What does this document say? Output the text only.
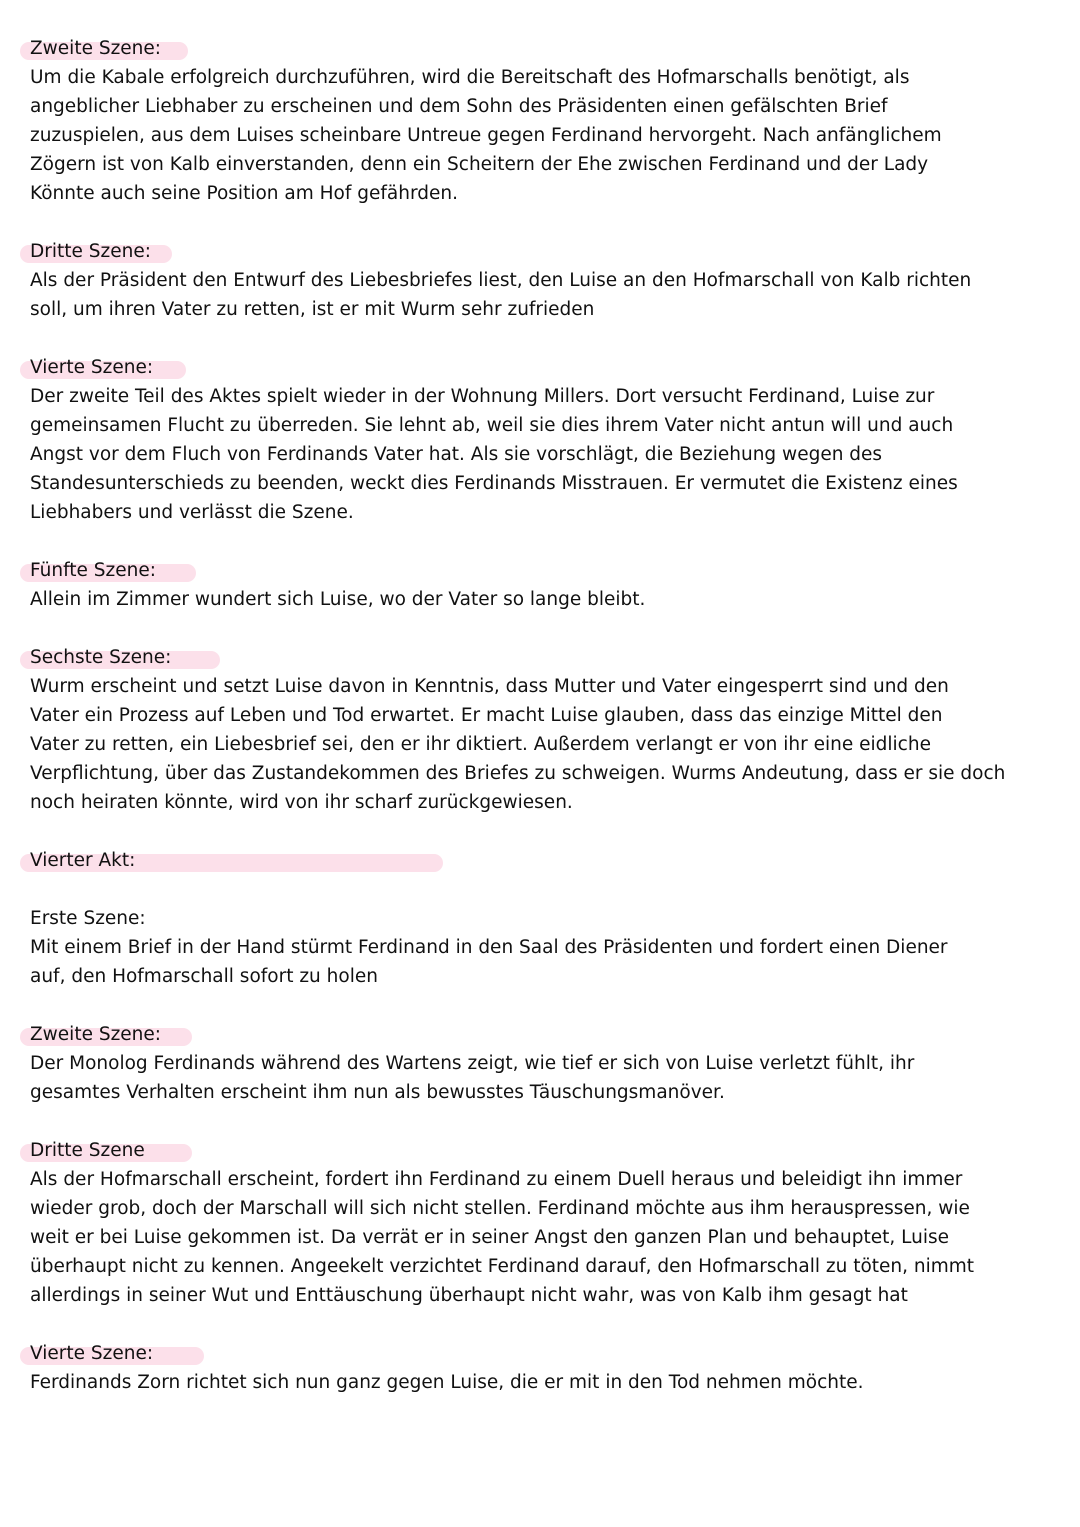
Zweite Szene:

Um die Kabale erfolgreich durchzuführen, wird die Bereitschaft des Hofmarschalls benötigt, als
angeblicher Liebhaber zu erscheinen und dem Sohn des Präsidenten einen gefälschten Brief
zuzuspielen, aus dem Luises scheinbare Untreue gegen Ferdinand hervorgeht. Nach anfänglichem
Zögern ist von Kalb einverstanden, denn ein Scheitern der Ehe zwischen Ferdinand und der Lady
Könnte auch seine Position am Hof gefährden.

Dritte Szene:

Als der Präsident den Entwurf des Liebesbriefes liest, den Luise an den Hofmarschall von Kalb richten
soll, um ihren Vater zu retten, ist er mit Wurm sehr zufrieden

Vierte Szene:

Der zweite Teil des Aktes spielt wieder in der Wohnung Millers. Dort versucht Ferdinand, Luise zur
gemeinsamen Flucht zu überreden. Sie lehnt ab, weil sie dies ihrem Vater nicht antun will und auch
Angst vor dem Fluch von Ferdinands Vater hat. Als sie vorschlägt, die Beziehung wegen des
Standesunterschieds zu beenden, weckt dies Ferdinands Misstrauen. Er vermutet die Existenz eines
Liebhabers und verlässt die Szene.

Fünfte Szene:

Allein im Zimmer wundert sich Luise, wo der Vater so lange bleibt.

Sechste Szene:

Wurm erscheint und setzt Luise davon in Kenntnis, dass Mutter und Vater eingesperrt sind und den
Vater ein Prozess auf Leben und Tod erwartet. Er macht Luise glauben, dass das einzige Mittel den
Vater zu retten, ein Liebesbrief sei, den er ihr diktiert. Außerdem verlangt er von ihr eine eidliche
Verpflichtung, über das Zustandekommen des Briefes zu schweigen. Wurms Andeutung, dass er sie doch
noch heiraten könnte, wird von ihr scharf zurückgewiesen.

Vierter Akt:
Erste Szene:

Mit einem Brief in der Hand stürmt Ferdinand in den Saal des Präsidenten und fordert einen Diener
auf, den Hofmarschall sofort zu holen

Zweite Szene:

Der Monolog Ferdinands während des Wartens zeigt, wie tief er sich von Luise verletzt fühlt, ihr
gesamtes Verhalten erscheint ihm nun als bewusstes Täuschungsmanöver.

Dritte Szene

Als der Hofmarschall erscheint, fordert ihn Ferdinand zu einem Duell heraus und beleidigt ihn immer
wieder grob, doch der Marschall will sich nicht stellen. Ferdinand möchte aus ihm herauspressen, wie
weit er bei Luise gekommen ist. Da verrät er in seiner Angst den ganzen Plan und behauptet, Luise
überhaupt nicht zu kennen. Angeekelt verzichtet Ferdinand darauf, den Hofmarschall zu töten, nimmt
allerdings in seiner Wut und Enttäuschung überhaupt nicht wahr, was von Kalb ihm gesagt hat

Vierte Szene:

Ferdinands Zorn richtet sich nun ganz gegen Luise, die er mit in den Tod nehmen möchte.
